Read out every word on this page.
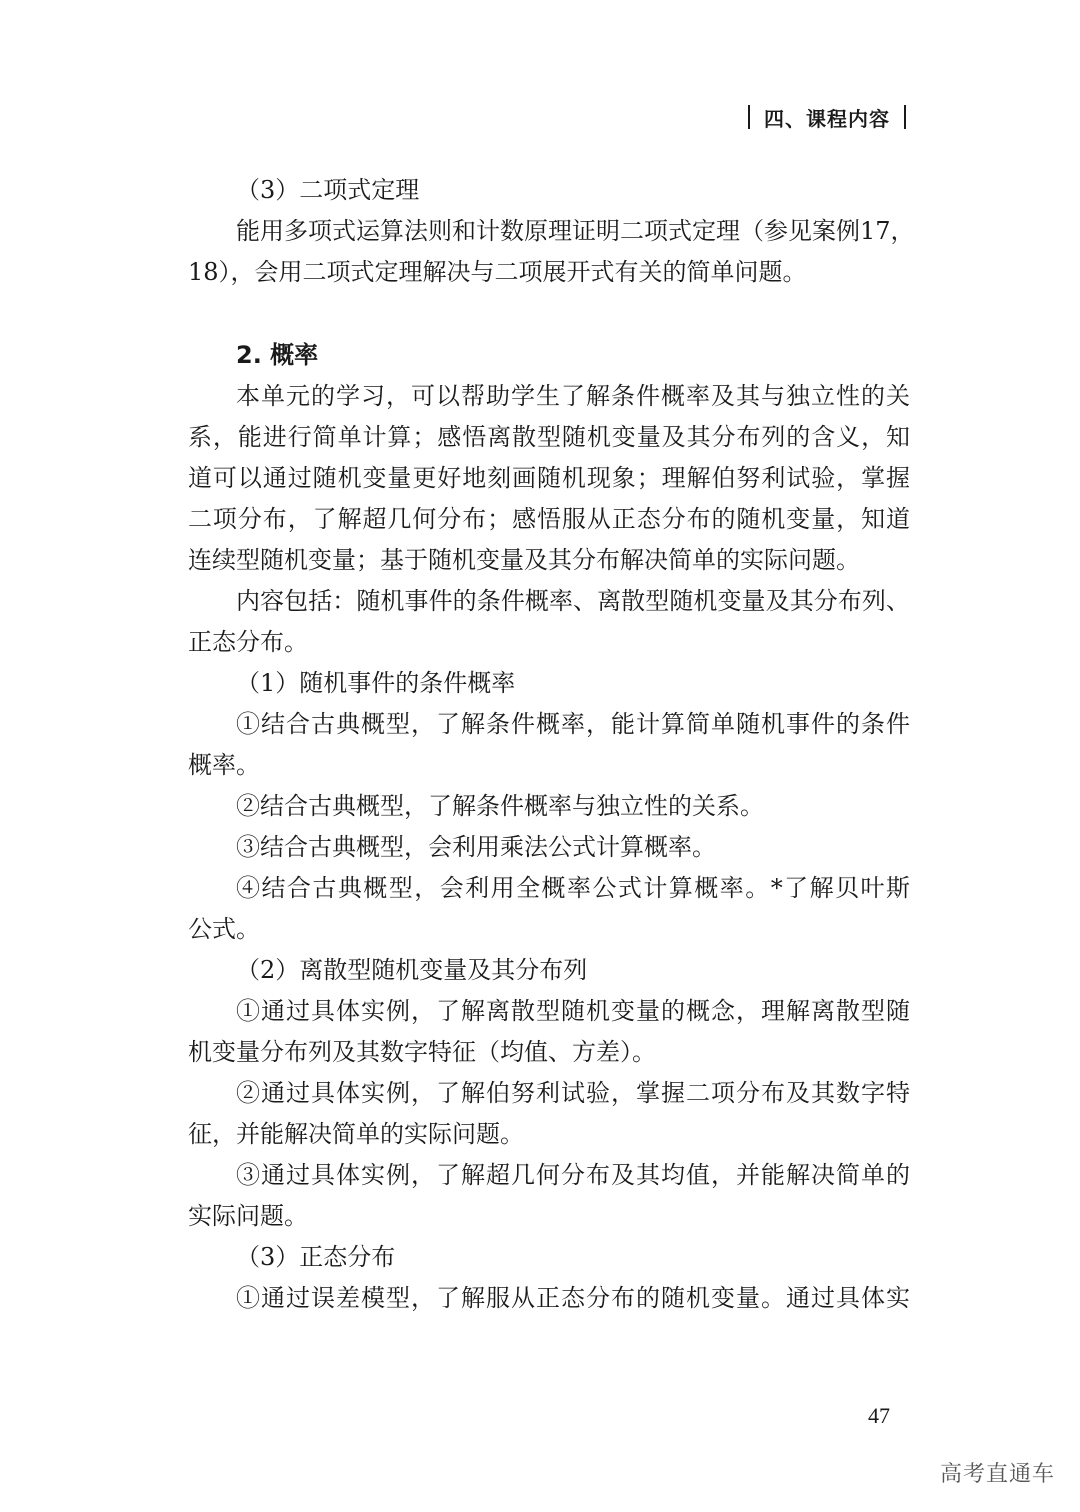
四、课程内容
（3）二项式定理
能用多项式运算法则和计数原理证明二项式定理（参见案例17，
18），会用二项式定理解决与二项展开式有关的简单问题。
2. 概率
本单元的学习，可以帮助学生了解条件概率及其与独立性的关
系，能进行简单计算；感悟离散型随机变量及其分布列的含义，知
道可以通过随机变量更好地刻画随机现象；理解伯努利试验，掌握
二项分布，了解超几何分布；感悟服从正态分布的随机变量，知道
连续型随机变量；基于随机变量及其分布解决简单的实际问题。
内容包括：随机事件的条件概率、离散型随机变量及其分布列、
正态分布。
（1）随机事件的条件概率
①结合古典概型，了解条件概率，能计算简单随机事件的条件
概率。
②结合古典概型，了解条件概率与独立性的关系。
③结合古典概型，会利用乘法公式计算概率。
④结合古典概型，会利用全概率公式计算概率。*了解贝叶斯
公式。
（2）离散型随机变量及其分布列
①通过具体实例，了解离散型随机变量的概念，理解离散型随
机变量分布列及其数字特征（均值、方差）。
②通过具体实例，了解伯努利试验，掌握二项分布及其数字特
征，并能解决简单的实际问题。
③通过具体实例，了解超几何分布及其均值，并能解决简单的
实际问题。
（3）正态分布
①通过误差模型，了解服从正态分布的随机变量。通过具体实
47
高考直通车
